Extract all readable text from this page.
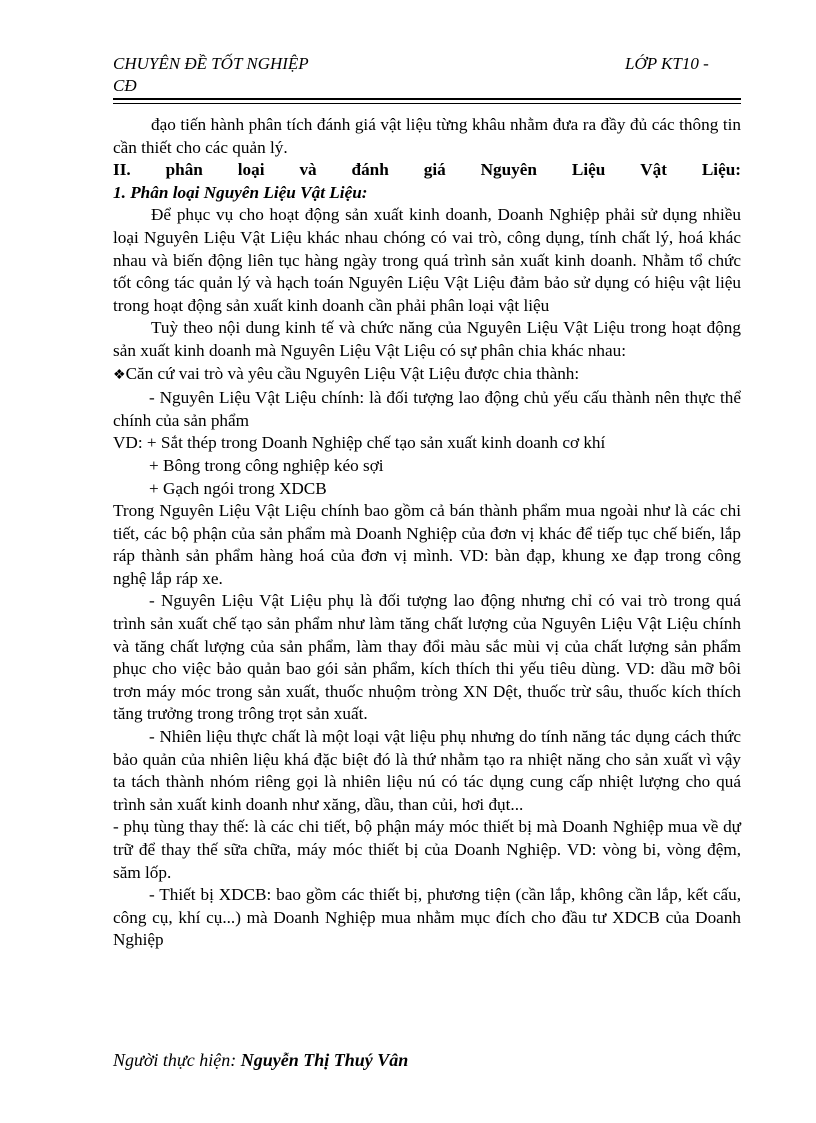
CHUYÊN ĐỀ TỐT NGHIỆP
CĐ
LỚP KT10 -

đạo tiến hành phân tích đánh giá vật liệu từng khâu nhằm đưa ra đầy đủ các thông tin cần thiết cho các quản lý.

II. phân loại và đánh giá Nguyên Liệu Vật Liệu:

1. Phân loại Nguyên Liệu Vật Liệu:

Để phục vụ cho hoạt động sản xuất kinh doanh, Doanh Nghiệp phải sử dụng nhiều loại Nguyên Liệu Vật Liệu khác nhau chóng có vai trò, công dụng, tính chất lý, hoá khác nhau và biến động liên tục hàng ngày trong quá trình sản xuất kinh doanh. Nhằm tổ chức tốt công tác quản lý và hạch toán Nguyên Liệu Vật Liệu đảm bảo sử dụng có hiệu vật liệu trong hoạt động sản xuất kinh doanh cần phải phân loại vật liệu

Tuỳ theo nội dung kinh tế và chức năng của Nguyên Liệu Vật Liệu trong hoạt động sản xuất kinh doanh mà Nguyên Liệu Vật Liệu có sự phân chia khác nhau:

❖Căn cứ vai trò và yêu cầu Nguyên Liệu Vật Liệu được chia thành:

- Nguyên Liệu Vật Liệu chính: là đối tượng lao động chủ yếu cấu thành nên thực thể chính của sản phẩm

VD: + Sắt thép trong Doanh Nghiệp chế tạo sản xuất kinh doanh cơ khí

+ Bông trong công nghiệp kéo sợi

+ Gạch ngói trong XDCB

Trong Nguyên Liệu Vật Liệu chính bao gồm cả bán thành phẩm mua ngoài như là các chi tiết, các bộ phận của sản phẩm mà Doanh Nghiệp của đơn vị khác để tiếp tục chế biến, lắp ráp thành sản phẩm hàng hoá của đơn vị mình. VD: bàn đạp, khung xe đạp trong công nghệ lắp ráp xe.

- Nguyên Liệu Vật Liệu phụ là đối tượng lao động nhưng chỉ có vai trò trong quá trình sản xuất chế tạo sản phẩm như làm tăng chất lượng của Nguyên Liệu Vật Liệu chính và tăng chất lượng của sản phẩm, làm thay đổi màu sắc mùi vị của chất lượng sản phẩm phục cho việc bảo quản bao gói sản phẩm, kích thích thi yếu tiêu dùng. VD: dầu mỡ bôi trơn máy móc trong sản xuất, thuốc nhuộm tròng XN Dệt, thuốc trừ sâu, thuốc kích thích tăng trưởng trong trông trọt sản xuất.

- Nhiên liệu thực chất là một loại vật liệu phụ nhưng do tính năng tác dụng cách thức bảo quản của nhiên liệu khá đặc biệt đó là thứ nhằm tạo ra nhiệt năng cho sản xuất vì vậy ta tách thành nhóm riêng gọi là nhiên liệu nú có tác dụng cung cấp nhiệt lượng cho quá trình sản xuất kinh doanh như xăng, dầu, than củi, hơi đụt...

- phụ tùng thay thế: là các chi tiết, bộ phận máy móc thiết bị mà Doanh Nghiệp mua về dự trữ để thay thế sữa chữa, máy móc thiết bị của Doanh Nghiệp. VD: vòng bi, vòng đệm, săm lốp.

- Thiết bị XDCB: bao gồm các thiết bị, phương tiện (cần lắp, không cần lắp, kết cấu, công cụ, khí cụ...) mà Doanh Nghiệp mua nhằm mục đích cho đầu tư XDCB của Doanh Nghiệp

Người thực hiện: Nguyễn Thị Thuý Vân
